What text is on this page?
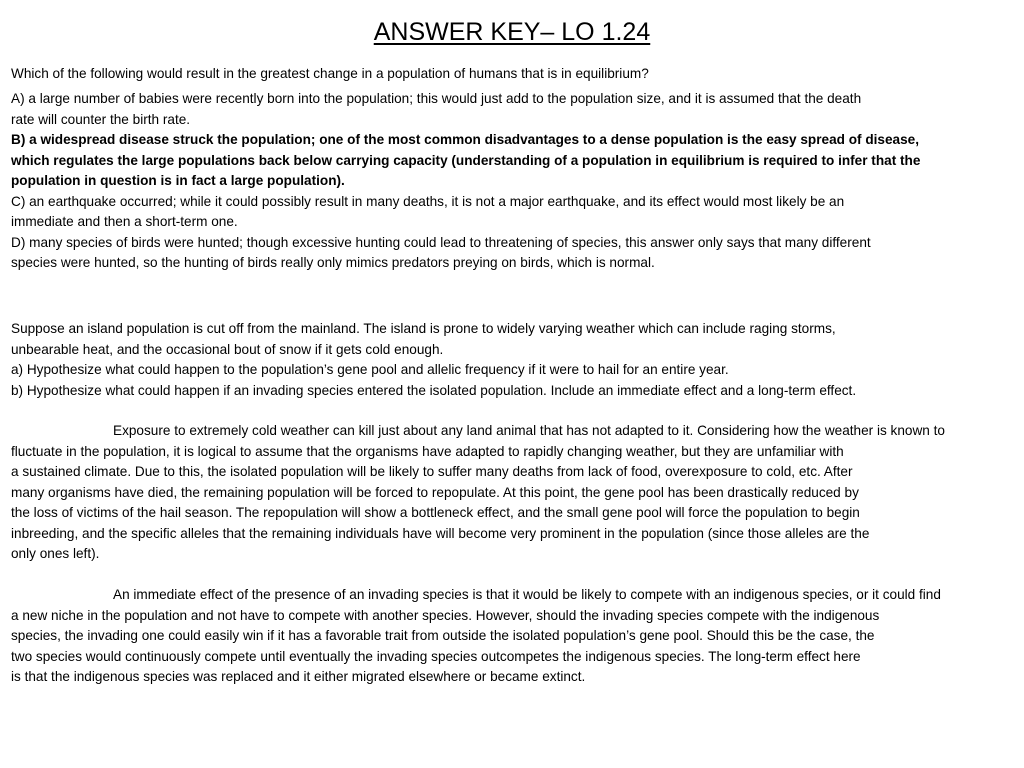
ANSWER KEY– LO 1.24
Which of the following would result in the greatest change in a population of humans that is in equilibrium?
A) a large number of babies were recently born into the population; this would just add to the population size, and it is assumed that the death
rate will counter the birth rate.
B) a widespread disease struck the population; one of the most common disadvantages to a dense population is the easy spread of disease,
which regulates the large populations back below carrying capacity (understanding of a population in equilibrium is required to infer that the
population in question is in fact a large population).
C) an earthquake occurred; while it could possibly result in many deaths, it is not a major earthquake, and its effect would most likely be an
immediate and then a short-term one.
D) many species of birds were hunted; though excessive hunting could lead to threatening of species, this answer only says that many different
species were hunted, so the hunting of birds really only mimics predators preying on birds, which is normal.
Suppose an island population is cut off from the mainland. The island is prone to widely varying weather which can include raging storms,
unbearable heat, and the occasional bout of snow if it gets cold enough.
a) Hypothesize what could happen to the population’s gene pool and allelic frequency if it were to hail for an entire year.
b) Hypothesize what could happen if an invading species entered the isolated population. Include an immediate effect and a long-term effect.
Exposure to extremely cold weather can kill just about any land animal that has not adapted to it. Considering how the weather is known to
fluctuate in the population, it is logical to assume that the organisms have adapted to rapidly changing weather, but they are unfamiliar with
a sustained climate. Due to this, the isolated population will be likely to suffer many deaths from lack of food, overexposure to cold, etc. After
many organisms have died, the remaining population will be forced to repopulate. At this point, the gene pool has been drastically reduced by
the loss of victims of the hail season. The repopulation will show a bottleneck effect, and the small gene pool will force the population to begin
inbreeding, and the specific alleles that the remaining individuals have will become very prominent in the population (since those alleles are the
only ones left).
An immediate effect of the presence of an invading species is that it would be likely to compete with an indigenous species, or it could find
a new niche in the population and not have to compete with another species. However, should the invading species compete with the indigenous
species, the invading one could easily win if it has a favorable trait from outside the isolated population’s gene pool. Should this be the case, the
two species would continuously compete until eventually the invading species outcompetes the indigenous species. The long-term effect here
is that the indigenous species was replaced and it either migrated elsewhere or became extinct.
